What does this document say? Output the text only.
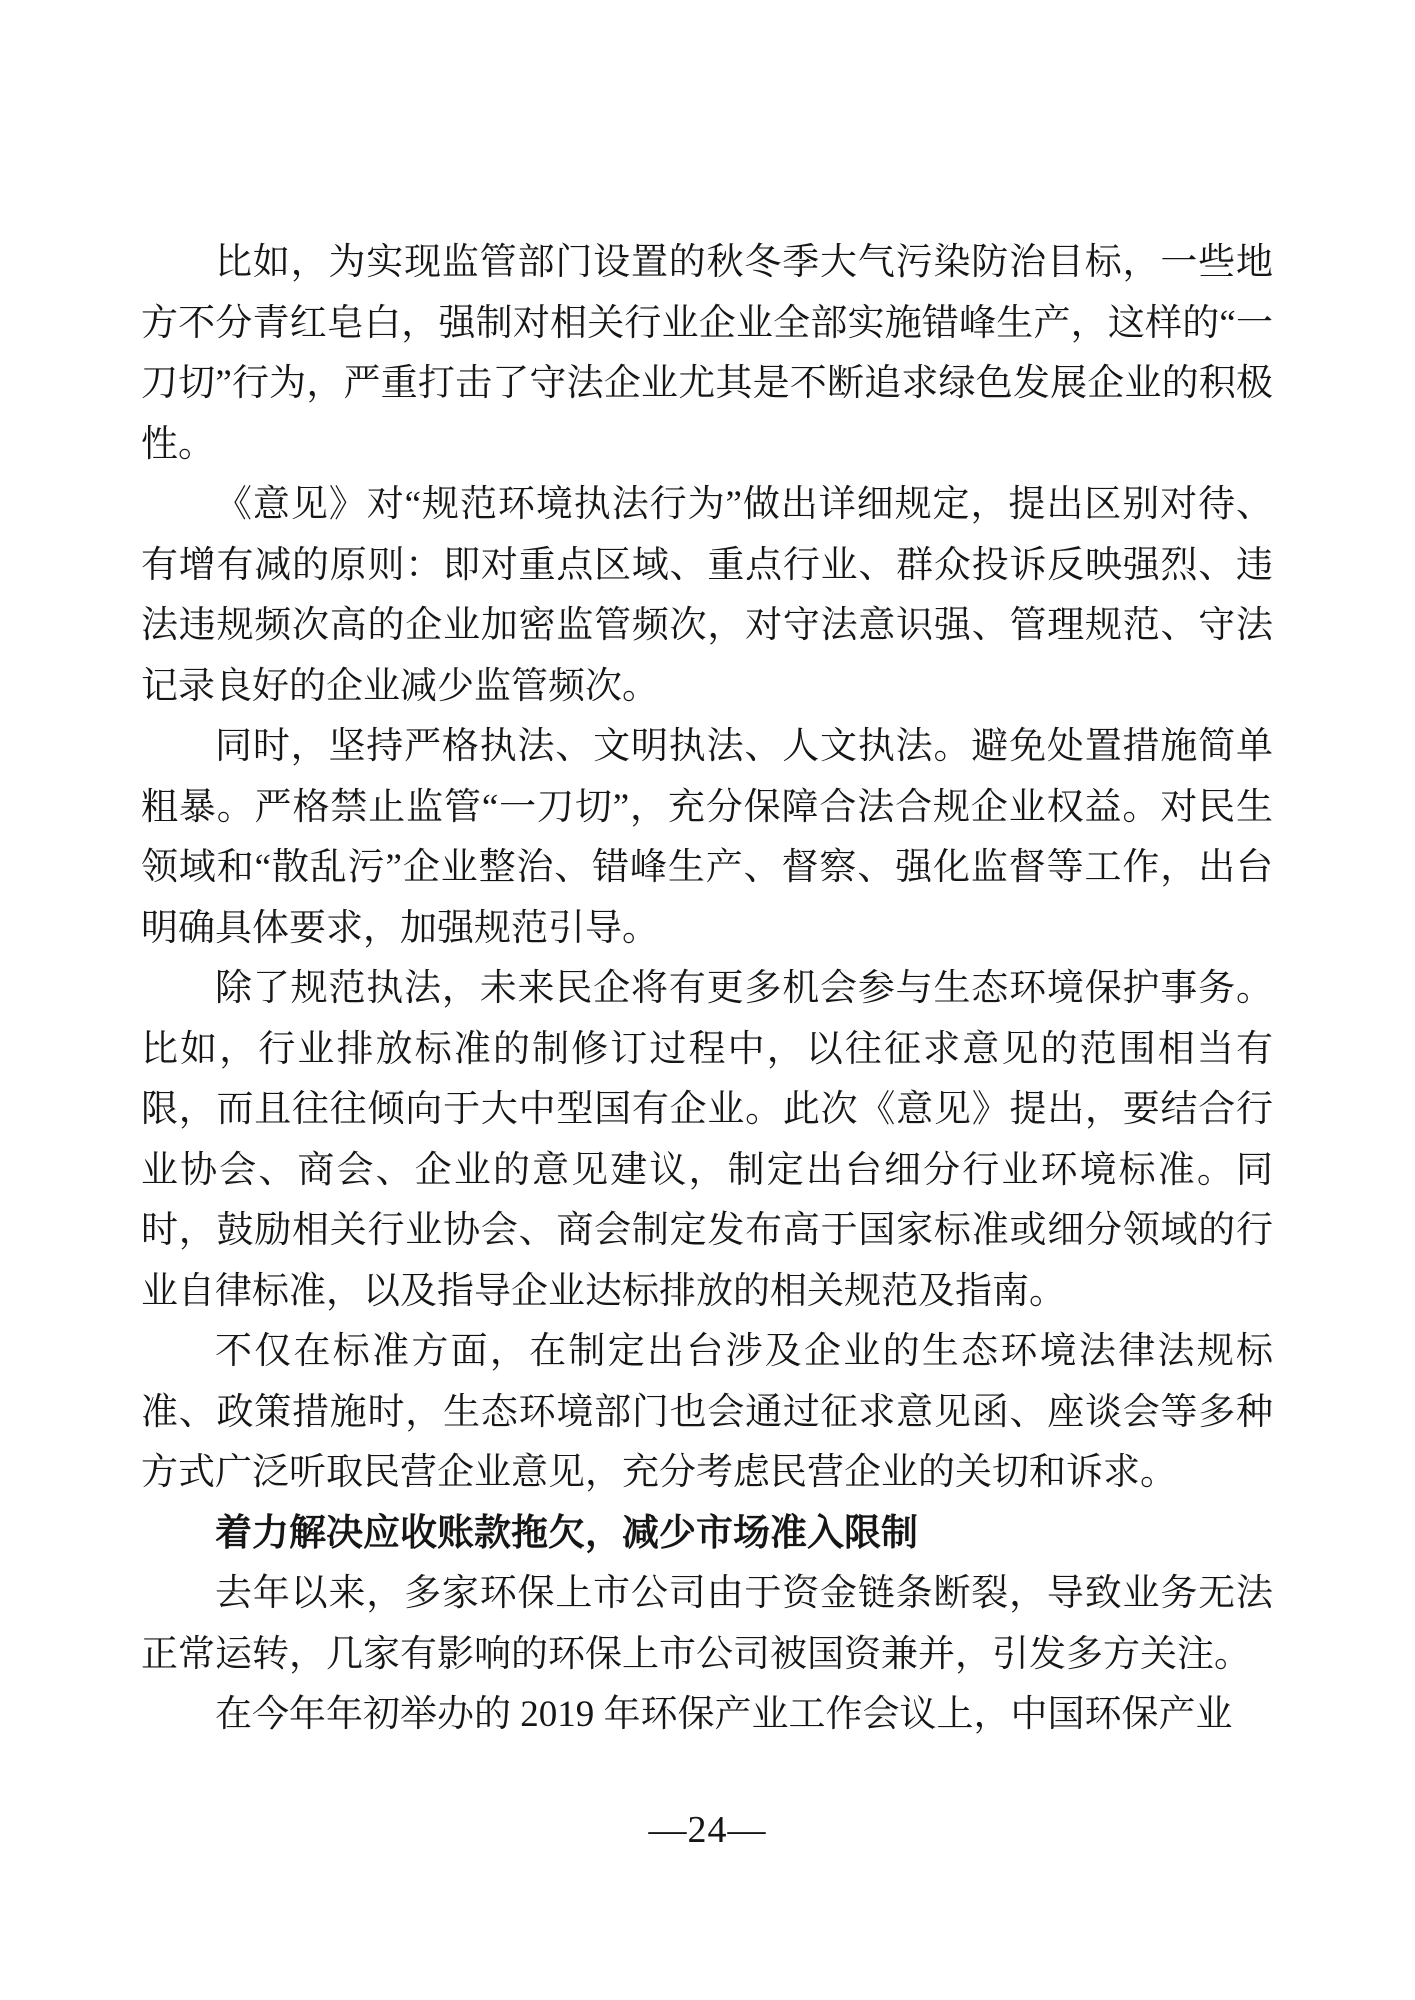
比如，为实现监管部门设置的秋冬季大气污染防治目标，一些地方不分青红皂白，强制对相关行业企业全部实施错峰生产，这样的“一刀切”行为，严重打击了守法企业尤其是不断追求绿色发展企业的积极性。

《意见》对“规范环境执法行为”做出详细规定，提出区别对待、有增有减的原则：即对重点区域、重点行业、群众投诉反映强烈、违法违规频次高的企业加密监管频次，对守法意识强、管理规范、守法记录良好的企业减少监管频次。

同时，坚持严格执法、文明执法、人文执法。避免处置措施简单粗暴。严格禁止监管“一刀切”，充分保障合法合规企业权益。对民生领域和“散乱污”企业整治、错峰生产、督察、强化监督等工作，出台明确具体要求，加强规范引导。

除了规范执法，未来民企将有更多机会参与生态环境保护事务。比如，行业排放标准的制修订过程中，以往征求意见的范围相当有限，而且往往倾向于大中型国有企业。此次《意见》提出，要结合行业协会、商会、企业的意见建议，制定出台细分行业环境标准。同时，鼓励相关行业协会、商会制定发布高于国家标准或细分领域的行业自律标准，以及指导企业达标排放的相关规范及指南。

不仅在标准方面，在制定出台涉及企业的生态环境法律法规标准、政策措施时，生态环境部门也会通过征求意见函、座谈会等多种方式广泛听取民营企业意见，充分考虑民营企业的关切和诉求。

着力解决应收账款拖欠，减少市场准入限制

去年以来，多家环保上市公司由于资金链条断裂，导致业务无法正常运转，几家有影响的环保上市公司被国资兼并，引发多方关注。

在今年年初举办的 2019 年环保产业工作会议上，中国环保产业

—24—
